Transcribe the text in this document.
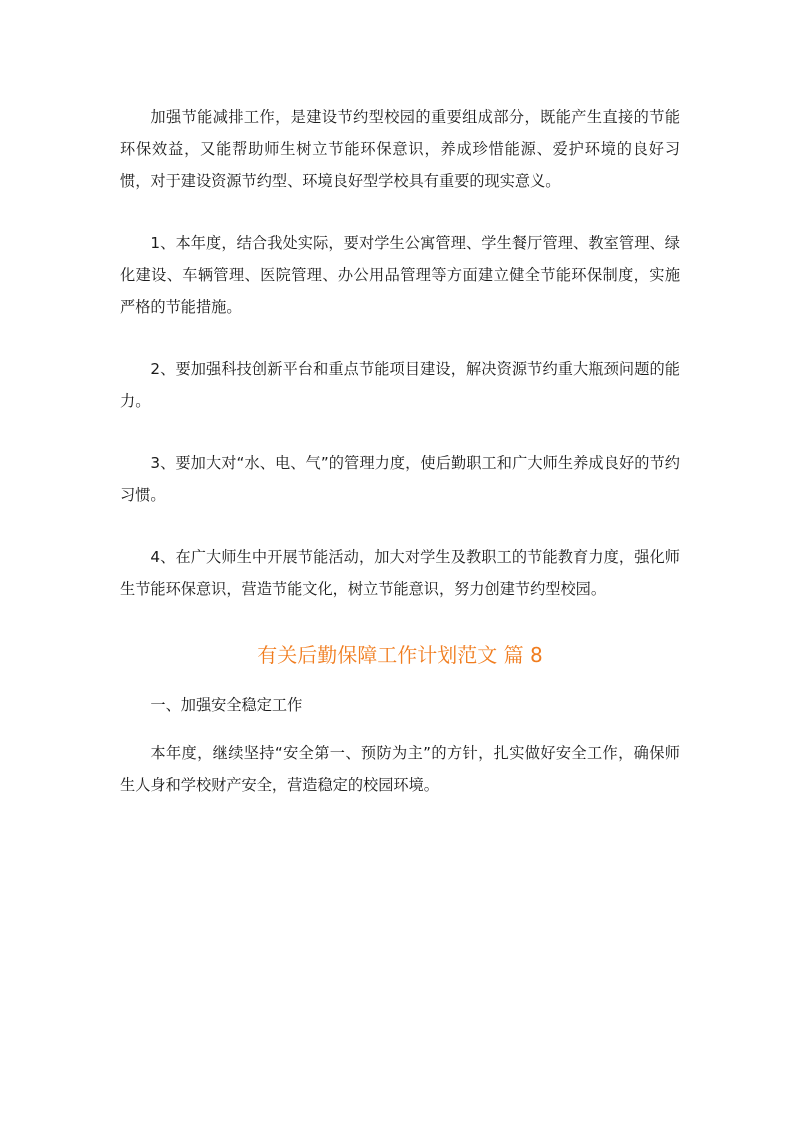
加强节能减排工作，是建设节约型校园的重要组成部分，既能产生直接的节能环保效益，又能帮助师生树立节能环保意识，养成珍惜能源、爱护环境的良好习惯，对于建设资源节约型、环境良好型学校具有重要的现实意义。

1、本年度，结合我处实际，要对学生公寓管理、学生餐厅管理、教室管理、绿化建设、车辆管理、医院管理、办公用品管理等方面建立健全节能环保制度，实施严格的节能措施。

2、要加强科技创新平台和重点节能项目建设，解决资源节约重大瓶颈问题的能力。

3、要加大对“水、电、气”的管理力度，使后勤职工和广大师生养成良好的节约习惯。

4、在广大师生中开展节能活动，加大对学生及教职工的节能教育力度，强化师生节能环保意识，营造节能文化，树立节能意识，努力创建节约型校园。

有关后勤保障工作计划范文 篇 8

一、加强安全稳定工作

本年度，继续坚持“安全第一、预防为主”的方针，扎实做好安全工作，确保师生人身和学校财产安全，营造稳定的校园环境。
